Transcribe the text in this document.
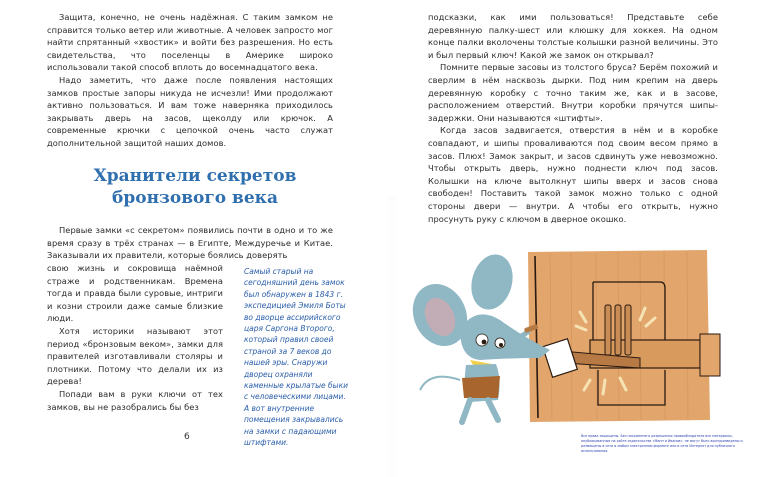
Защита, конечно, не очень надёжная. С таким замком не справится только ветер или животные. А человек запросто мог найти спрятанный «хвостик» и войти без разрешения. Но есть свидетельства, что поселенцы в Америке широко использовали такой способ вплоть до восемнадцатого века.

Надо заметить, что даже после появления настоящих замков простые запоры никуда не исчезли! Ими продолжают активно пользоваться. И вам тоже наверняка приходилось закрывать дверь на засов, щеколду или крючок. А современные крючки с цепочкой очень часто служат дополнительной защитой наших домов.

Хранители секретов
бронзового века

Первые замки «с секретом» появились почти в одно и то же время сразу в трёх странах — в Египте, Междуречье и Китае. Заказывали их правители, которые боялись доверять

свою жизнь и сокровища наёмной страже и родственникам. Времена тогда и правда были суровые, интриги и козни строили даже самые близкие люди.

Хотя историки называют этот период «бронзовым веком», замки для правителей изготавливали столяры и плотники. Потому что делали их из дерева!

Попади вам в руки ключи от тех замков, вы не разобрались бы без

Самый старый на сегодняшний день замок был обнаружен в 1843 г. экспедицией Эмиля Боты во дворце ассирийского царя Саргона Второго, который правил своей страной за 7 веков до нашей эры. Снаружи дворец охраняли каменные крылатые быки с человеческими лицами. А вот внутренние помещения закрывались на замки с падающими штифтами.

6

подсказки, как ими пользоваться! Представьте себе деревянную палку-шест или клюшку для хоккея. На одном конце палки вколочены толстые колышки разной величины. Это и был первый ключ! Какой же замок он открывал?

Помните первые засовы из толстого бруса? Берём похожий и сверлим в нём насквозь дырки. Под ним крепим на дверь деревянную коробку с точно таким же, как и в засове, расположением отверстий. Внутри коробки прячутся шипы-задержки. Они называются «штифты».

Когда засов задвигается, отверстия в нём и в коробке совпадают, и шипы проваливаются под своим весом прямо в засов. Плюх! Замок закрыт, и засов сдвинуть уже невозможно. Чтобы открыть дверь, нужно поднести ключ под засов. Колышки на ключе вытолкнут шипы вверх и засов снова свободен! Поставить такой замок можно только с одной стороны двери — внутри. А чтобы его открыть, нужно просунуть руку с ключом в дверное окошко.

Все права защищены. Без письменного разрешения правообладателя все материалы, опубликованные на сайте издательства «Манн и Иванов», не могут быть воспроизведены и размещены в сети в любом электронном формате или в сети Интернет для публичного использования.
